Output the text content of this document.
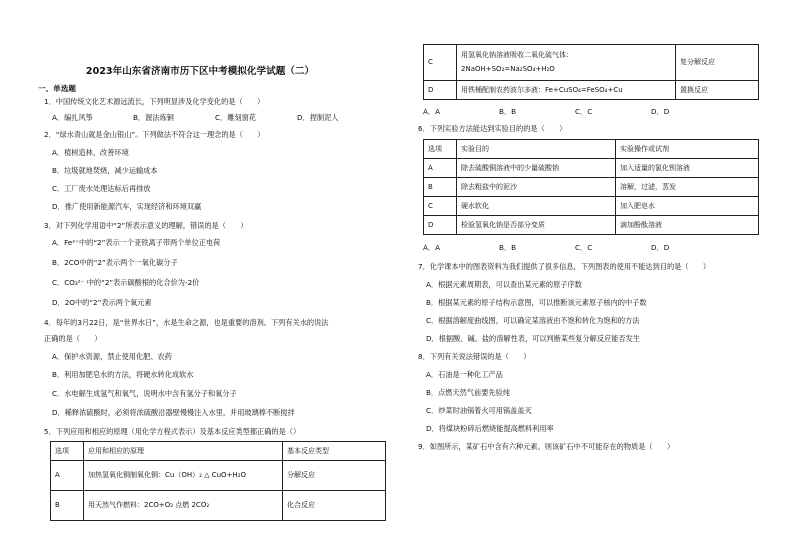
2023年山东省济南市历下区中考模拟化学试题（二）
一、单选题
1．中国传统文化艺术源远流长，下列明显涉及化学变化的是（　　）
A．编扎风筝	B．渥法炼铜	C．雕刻窗花	D．捏制泥人
2．“绿水青山就是金山银山”。下列做法不符合这一理念的是（　　）
A．植树造林，改善环境
B．垃圾就地焚烧，减少运输成本
C．工厂废水处理达标后再排放
D．推广使用新能源汽车，实现经济和环境双赢
3．对下列化学用语中“2”所表示意义的理解，错误的是（　　）
A．Fe²⁺中的“2”表示一个亚铁离子带两个单位正电荷
B．2CO中的“2”表示两个一氧化碳分子
C．CO₃²⁻ 中的“2”表示碳酸根的化合价为-2价
D．2O中的“2”表示两个氧元素
4．每年的3月22日，是“世界水日”，水是生命之源，也是重要的溶剂。下列有关水的说法
正确的是（　　）
A．保护水资源，禁止使用化肥、农药
B．利用加肥皂水的方法，将硬水转化成软水
C．水电解生成氢气和氧气，说明水中含有氢分子和氧分子
D．稀释浓硫酸时，必须将浓硫酸沿器壁慢慢注入水里，并用玻璃棒不断搅拌
5．下列应用和相应的原理（用化学方程式表示）及基本反应类型都正确的是（）
选项	应用和相应的原理	基本反应类型
A	加热氢氧化铜制氧化铜：Cu（OH）₂ △ CuO+H₂O	分解反应
B	用天然气作燃料：2CO+O₂ 点燃 2CO₂	化合反应
C	用氢氧化钠溶液吸收二氧化硫气体：
2NaOH+SO₂=Na₂SO₄+H₂O	复分解反应
D	用铁桶配制农药波尔多液：Fe+CuSO₄=FeSO₄+Cu	置换反应
A．A	B．B	C．C	D．D
6．下列实验方法能达到实验目的的是（　　）
选项	实验目的	实验操作或试剂
A	除去硫酸铜溶液中的少量硫酸钠	加入适量的氯化钡溶液
B	除去粗盐中的泥沙	溶解，过滤，蒸发
C	硬水软化	加入肥皂水
D	检验氢氧化钠是否部分变质	滴加酚酞溶液
A．A	B．B	C．C	D．D
7．化学课本中的图表资料为我们提供了很多信息，下列图表的使用不能达到目的是（　　）
A．根据元素周期表，可以查出某元素的原子序数
B．根据某元素的原子结构示意图，可以推断该元素原子核内的中子数
C．根据溶解度曲线图，可以确定某溶液由不饱和转化为饱和的方法
D．根据酸、碱、盐的溶解性表，可以判断某些复分解反应能否发生
8．下列有关说法错误的是（　　）
A．石油是一种化工产品
B．点燃天然气前要先验纯
C．炒菜时油锅着火可用锅盖盖灭
D．将煤块粉碎后燃烧能提高燃料利用率
9．如图所示，某矿石中含有六种元素。则该矿石中不可能存在的物质是（　　）
